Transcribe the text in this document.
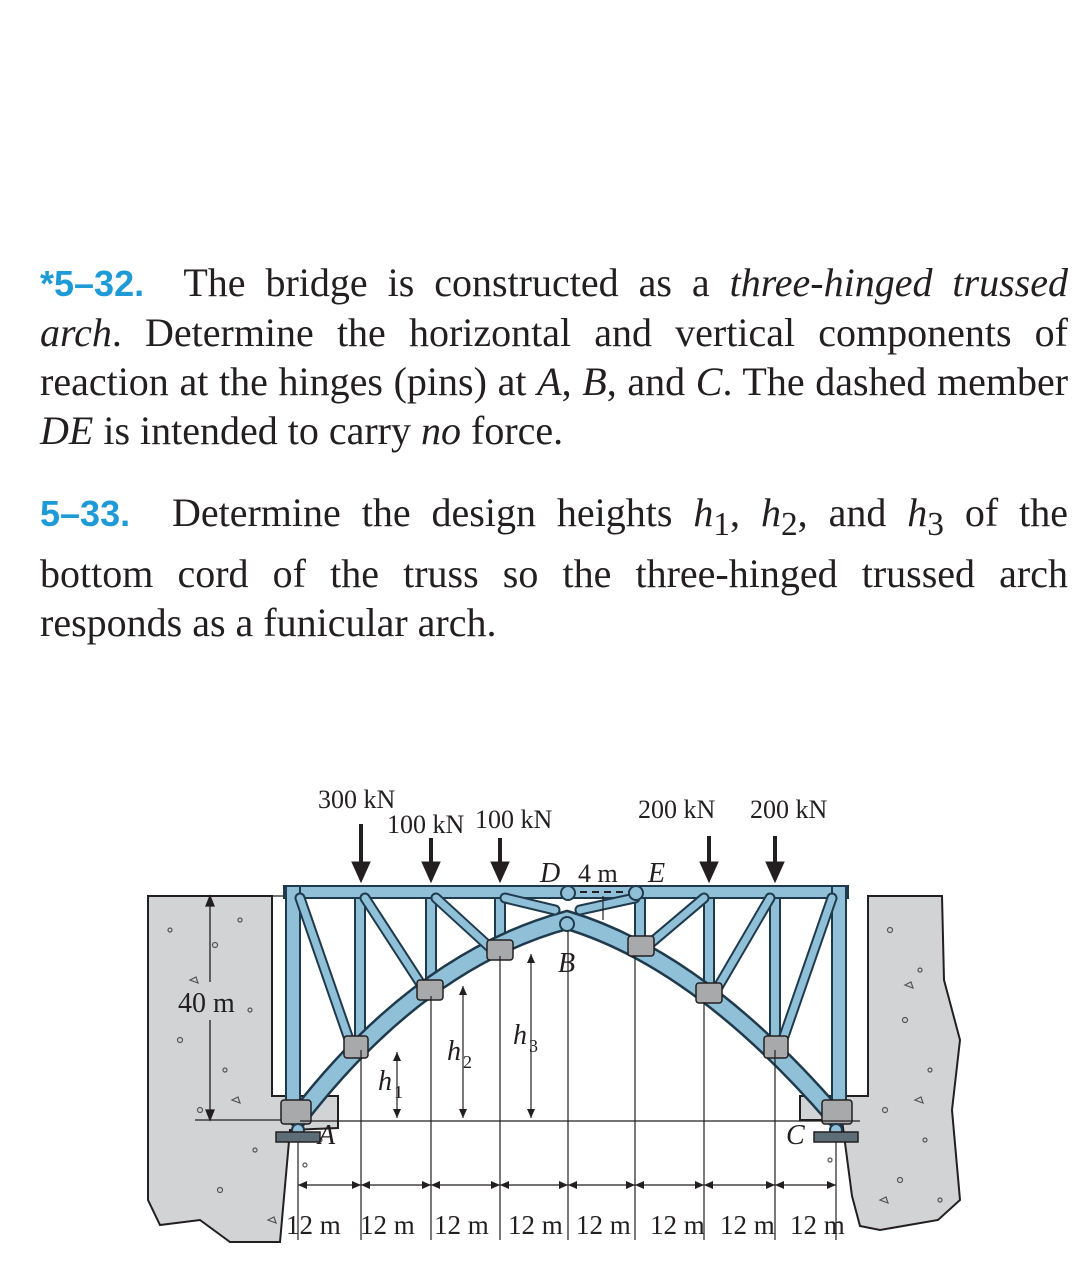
*5–32. The bridge is constructed as a three-hinged trussed arch. Determine the horizontal and vertical components of reaction at the hinges (pins) at A, B, and C. The dashed member DE is intended to carry no force.
5–33. Determine the design heights $h_1$, $h_2$, and $h_3$ of the bottom cord of the truss so the three-hinged trussed arch responds as a funicular arch.
40 m
300 kN
100 kN 100 kN	200 kN 200 kN
D 4 m E
B
A	C
h 1
h 2
h 3
12 m 12 m 12 m 12 m 12 m 12 m 12 m 12 m
